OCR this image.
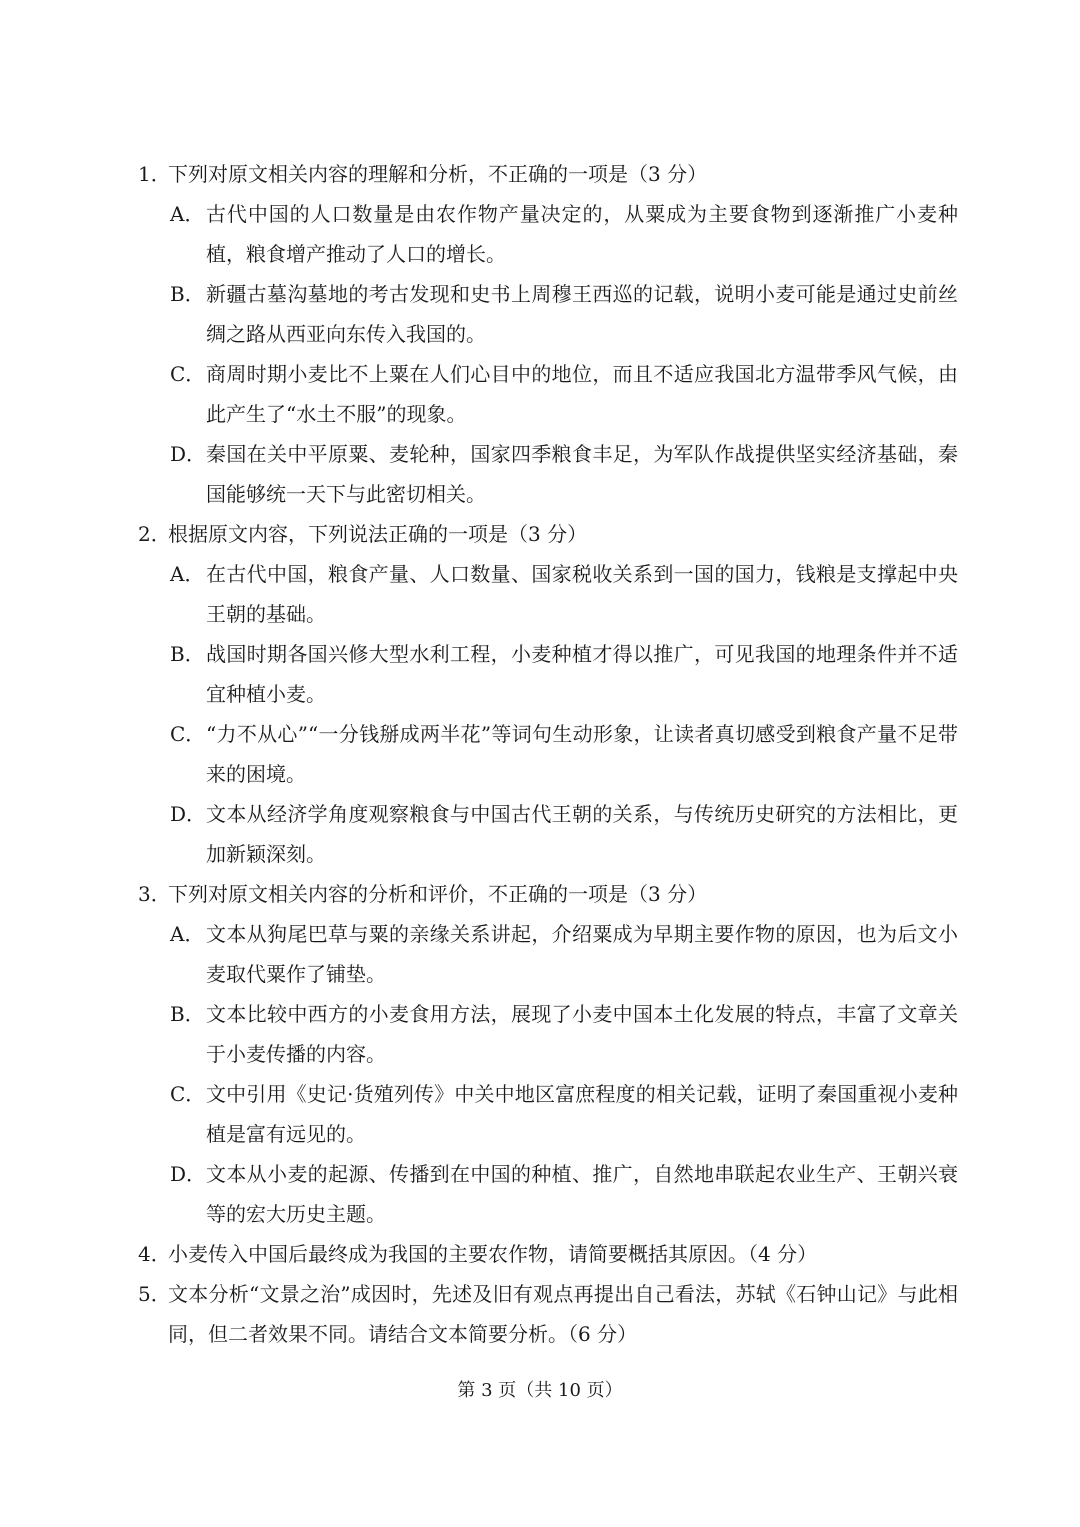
1．
下列对原文相关内容的理解和分析，不正确的一项是（3 分）
A． 古代中国的人口数量是由农作物产量决定的，从粟成为主要食物到逐渐推广小麦种植，粮食增产推动了人口的增长。
B． 新疆古墓沟墓地的考古发现和史书上周穆王西巡的记载，说明小麦可能是通过史前丝绸之路从西亚向东传入我国的。
C． 商周时期小麦比不上粟在人们心目中的地位，而且不适应我国北方温带季风气候，由此产生了“水土不服”的现象。
D． 秦国在关中平原粟、麦轮种，国家四季粮食丰足，为军队作战提供坚实经济基础，秦国能够统一天下与此密切相关。
2．
根据原文内容，下列说法正确的一项是（3 分）
A． 在古代中国，粮食产量、人口数量、国家税收关系到一国的国力，钱粮是支撑起中央王朝的基础。
B． 战国时期各国兴修大型水利工程，小麦种植才得以推广，可见我国的地理条件并不适宜种植小麦。
C． “力不从心”“一分钱掰成两半花”等词句生动形象，让读者真切感受到粮食产量不足带来的困境。
D． 文本从经济学角度观察粮食与中国古代王朝的关系，与传统历史研究的方法相比，更加新颖深刻。
3．
下列对原文相关内容的分析和评价，不正确的一项是（3 分）
A． 文本从狗尾巴草与粟的亲缘关系讲起，介绍粟成为早期主要作物的原因，也为后文小麦取代粟作了铺垫。
B． 文本比较中西方的小麦食用方法，展现了小麦中国本土化发展的特点，丰富了文章关于小麦传播的内容。
C． 文中引用《史记·货殖列传》中关中地区富庶程度的相关记载，证明了秦国重视小麦种植是富有远见的。
D． 文本从小麦的起源、传播到在中国的种植、推广，自然地串联起农业生产、王朝兴衰等的宏大历史主题。
4．
小麦传入中国后最终成为我国的主要农作物，请简要概括其原因。（4 分）
5．
文本分析“文景之治”成因时，先述及旧有观点再提出自己看法，苏轼《石钟山记》与此相同，但二者效果不同。请结合文本简要分析。（6 分）
第 3 页（共 10 页）
